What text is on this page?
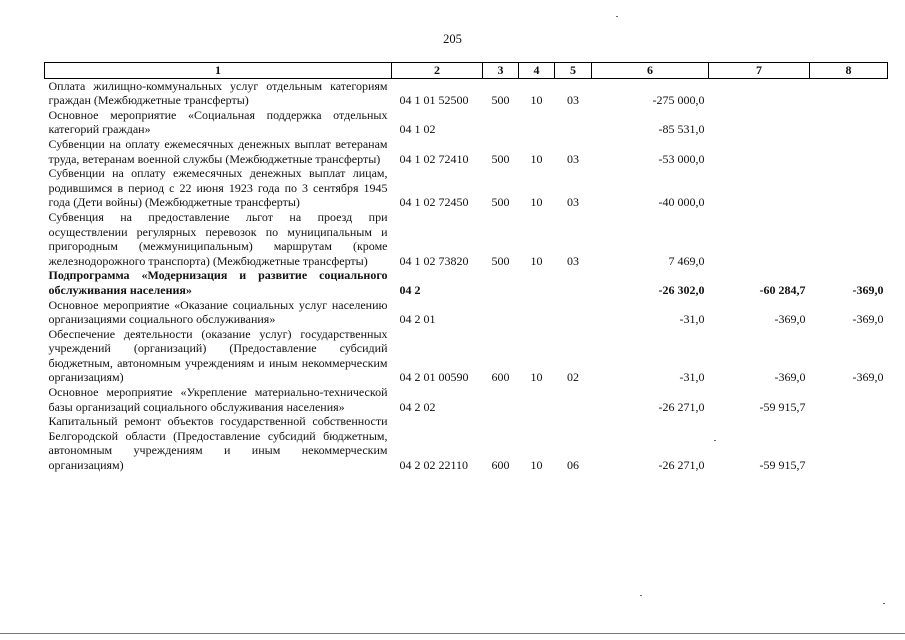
205
1	2	3	4	5	6	7	8
Оплата жилищно-коммунальных услуг отдельным категориям граждан (Межбюджетные трансферты)	04 1 01 52500	500	10	03	-275 000,0		
Основное мероприятие «Социальная поддержка отдельных категорий граждан»	04 1 02				-85 531,0		
Субвенции на оплату ежемесячных денежных выплат ветеранам труда, ветеранам военной службы (Межбюджетные трансферты)	04 1 02 72410	500	10	03	-53 000,0		
Субвенции на оплату ежемесячных денежных выплат лицам, родившимся в период с 22 июня 1923 года по 3 сентября 1945 года (Дети войны) (Межбюджетные трансферты)	04 1 02 72450	500	10	03	-40 000,0		
Субвенция на предоставление льгот на проезд при осуществлении регулярных перевозок по муниципальным и пригородным (межмуниципальным) маршрутам (кроме железнодорожного транспорта) (Межбюджетные трансферты)	04 1 02 73820	500	10	03	7 469,0		
Подпрограмма «Модернизация и развитие социального обслуживания населения»	04 2				-26 302,0	-60 284,7	-369,0
Основное мероприятие «Оказание социальных услуг населению организациями социального обслуживания»	04 2 01				-31,0	-369,0	-369,0
Обеспечение деятельности (оказание услуг) государственных учреждений (организаций) (Предоставление субсидий бюджетным, автономным учреждениям и иным некоммерческим организациям)	04 2 01 00590	600	10	02	-31,0	-369,0	-369,0
Основное мероприятие «Укрепление материально-технической базы организаций социального обслуживания населения»	04 2 02				-26 271,0	-59 915,7	
Капитальный ремонт объектов государственной собственности Белгородской области (Предоставление субсидий бюджетным, автономным учреждениям и иным некоммерческим организациям)	04 2 02 22110	600	10	06	-26 271,0	-59 915,7	
